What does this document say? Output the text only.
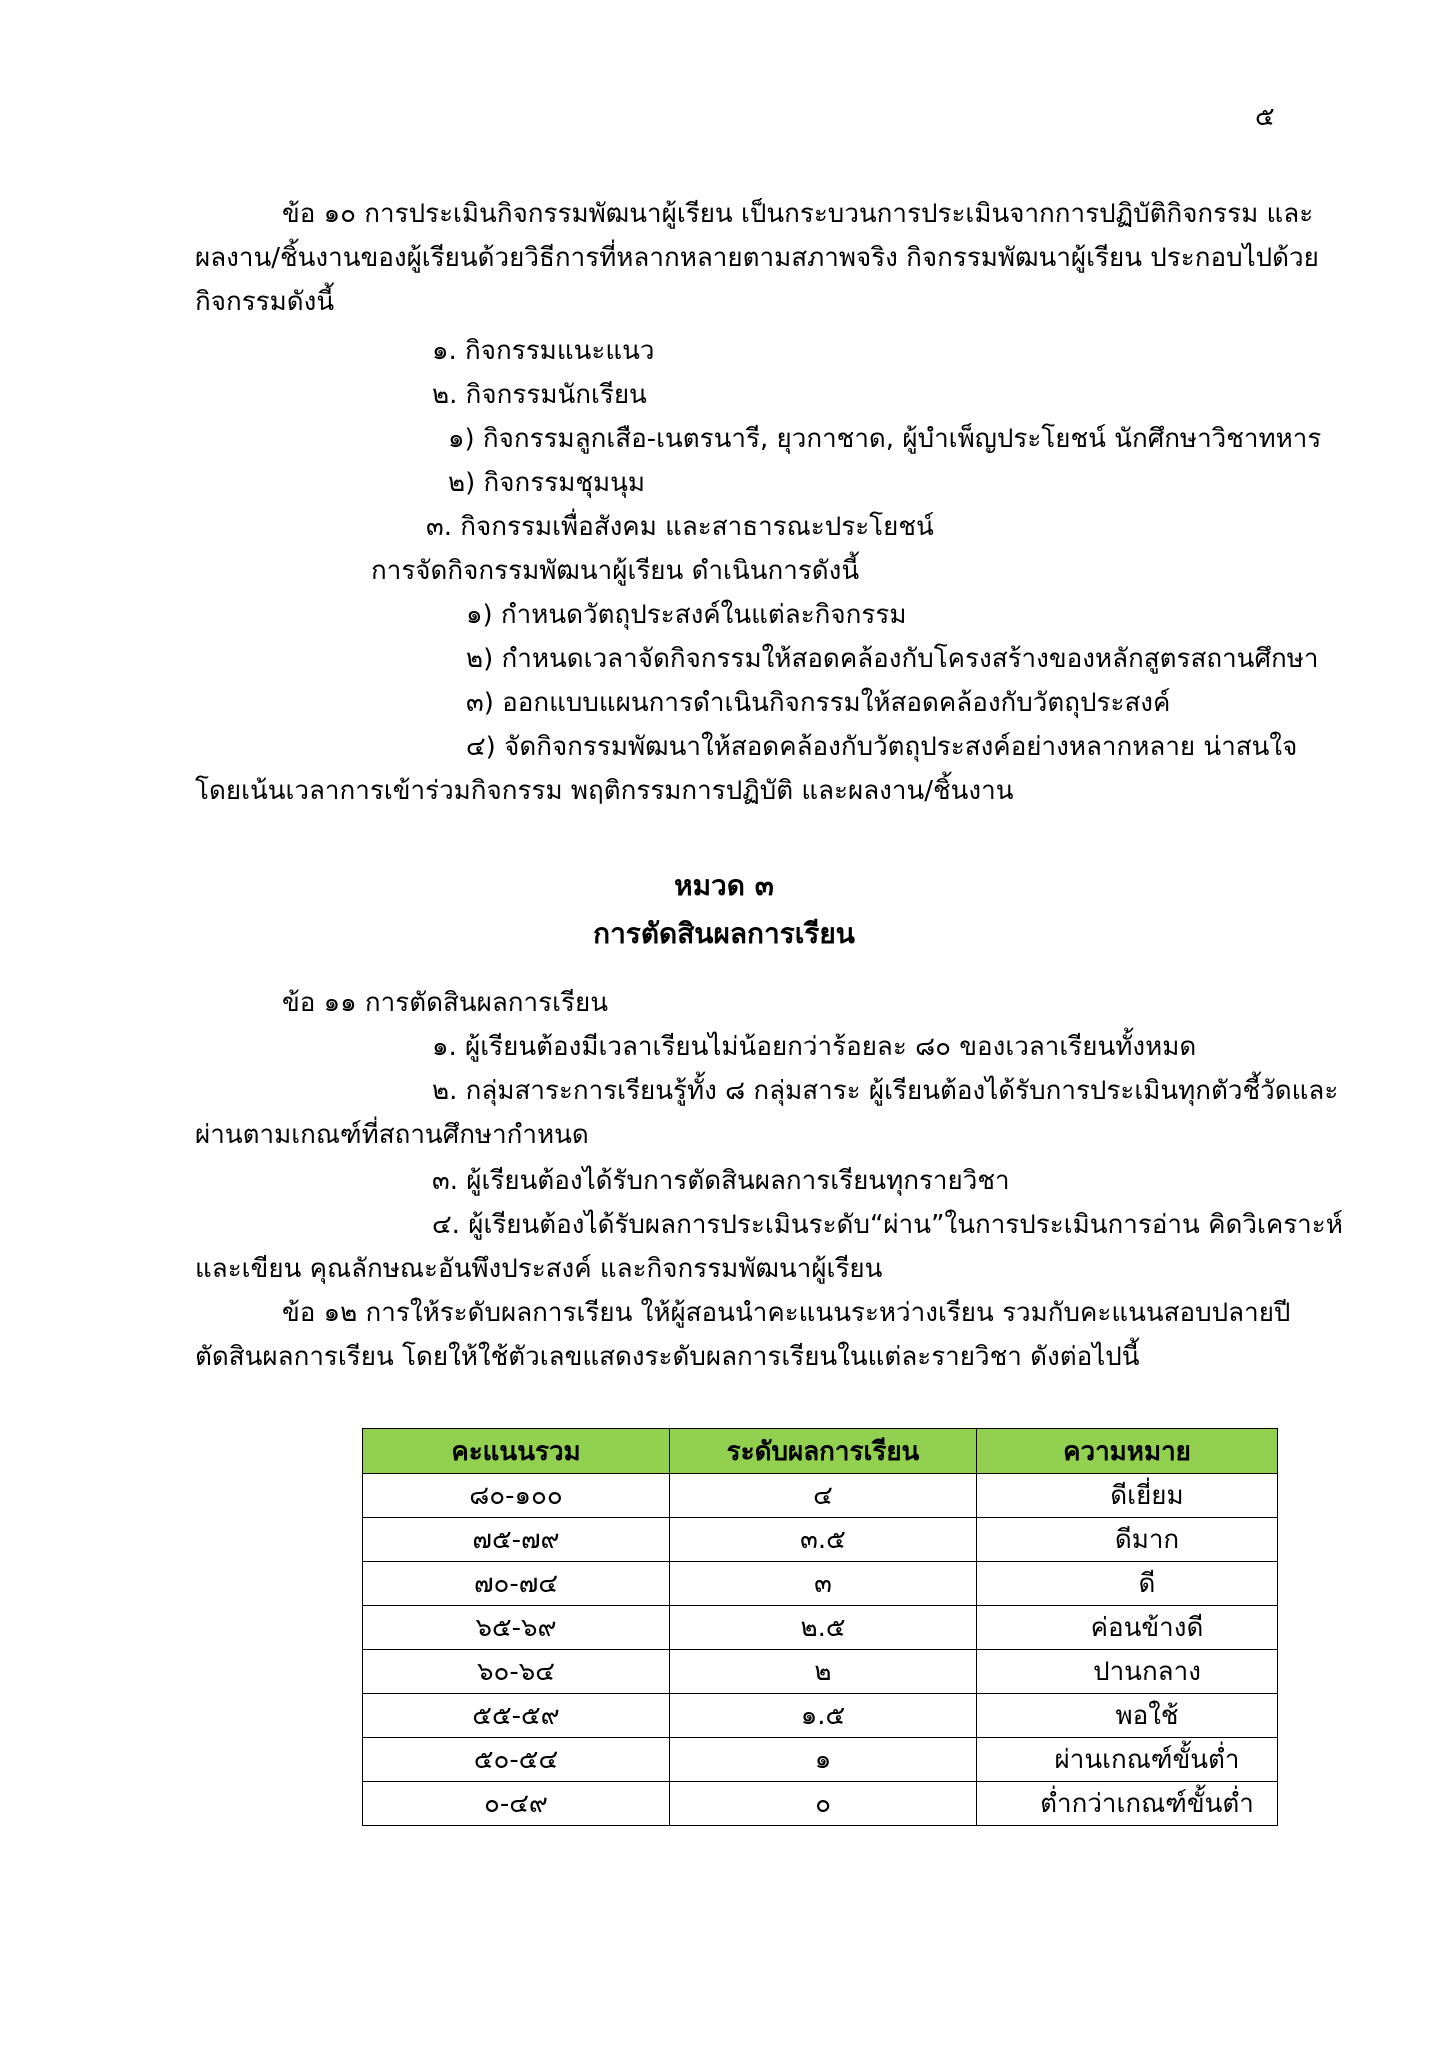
๕
ข้อ ๑๐ การประเมินกิจกรรมพัฒนาผู้เรียน เป็นกระบวนการประเมินจากการปฏิบัติกิจกรรม และ
ผลงาน/ชิ้นงานของผู้เรียนด้วยวิธีการที่หลากหลายตามสภาพจริง กิจกรรมพัฒนาผู้เรียน ประกอบไปด้วย
กิจกรรมดังนี้
๑. กิจกรรมแนะแนว
๒. กิจกรรมนักเรียน
๑) กิจกรรมลูกเสือ-เนตรนารี, ยุวกาชาด, ผู้บำเพ็ญประโยชน์ นักศึกษาวิชาทหาร
๒) กิจกรรมชุมนุม
๓. กิจกรรมเพื่อสังคม และสาธารณะประโยชน์
การจัดกิจกรรมพัฒนาผู้เรียน ดำเนินการดังนี้
๑) กำหนดวัตถุประสงค์ในแต่ละกิจกรรม
๒) กำหนดเวลาจัดกิจกรรมให้สอดคล้องกับโครงสร้างของหลักสูตรสถานศึกษา
๓) ออกแบบแผนการดำเนินกิจกรรมให้สอดคล้องกับวัตถุประสงค์
๔) จัดกิจกรรมพัฒนาให้สอดคล้องกับวัตถุประสงค์อย่างหลากหลาย น่าสนใจ
โดยเน้นเวลาการเข้าร่วมกิจกรรม พฤติกรรมการปฏิบัติ และผลงาน/ชิ้นงาน
หมวด ๓
การตัดสินผลการเรียน
ข้อ ๑๑ การตัดสินผลการเรียน
๑. ผู้เรียนต้องมีเวลาเรียนไม่น้อยกว่าร้อยละ ๘๐ ของเวลาเรียนทั้งหมด
๒. กลุ่มสาระการเรียนรู้ทั้ง ๘ กลุ่มสาระ ผู้เรียนต้องได้รับการประเมินทุกตัวชี้วัดและ
ผ่านตามเกณฑ์ที่สถานศึกษากำหนด
๓. ผู้เรียนต้องได้รับการตัดสินผลการเรียนทุกรายวิชา
๔. ผู้เรียนต้องได้รับผลการประเมินระดับ“ผ่าน”ในการประเมินการอ่าน คิดวิเคราะห์
และเขียน คุณลักษณะอันพึงประสงค์ และกิจกรรมพัฒนาผู้เรียน
ข้อ ๑๒ การให้ระดับผลการเรียน ให้ผู้สอนนำคะแนนระหว่างเรียน รวมกับคะแนนสอบปลายปี
ตัดสินผลการเรียน โดยให้ใช้ตัวเลขแสดงระดับผลการเรียนในแต่ละรายวิชา ดังต่อไปนี้
คะแนนรวม	ระดับผลการเรียน	ความหมาย
๘๐-๑๐๐	๔	ดีเยี่ยม
๗๕-๗๙	๓.๕	ดีมาก
๗๐-๗๔	๓	ดี
๖๕-๖๙	๒.๕	ค่อนข้างดี
๖๐-๖๔	๒	ปานกลาง
๕๕-๕๙	๑.๕	พอใช้
๕๐-๕๔	๑	ผ่านเกณฑ์ขั้นต่ำ
๐-๔๙	๐	ต่ำกว่าเกณฑ์ขั้นต่ำ
